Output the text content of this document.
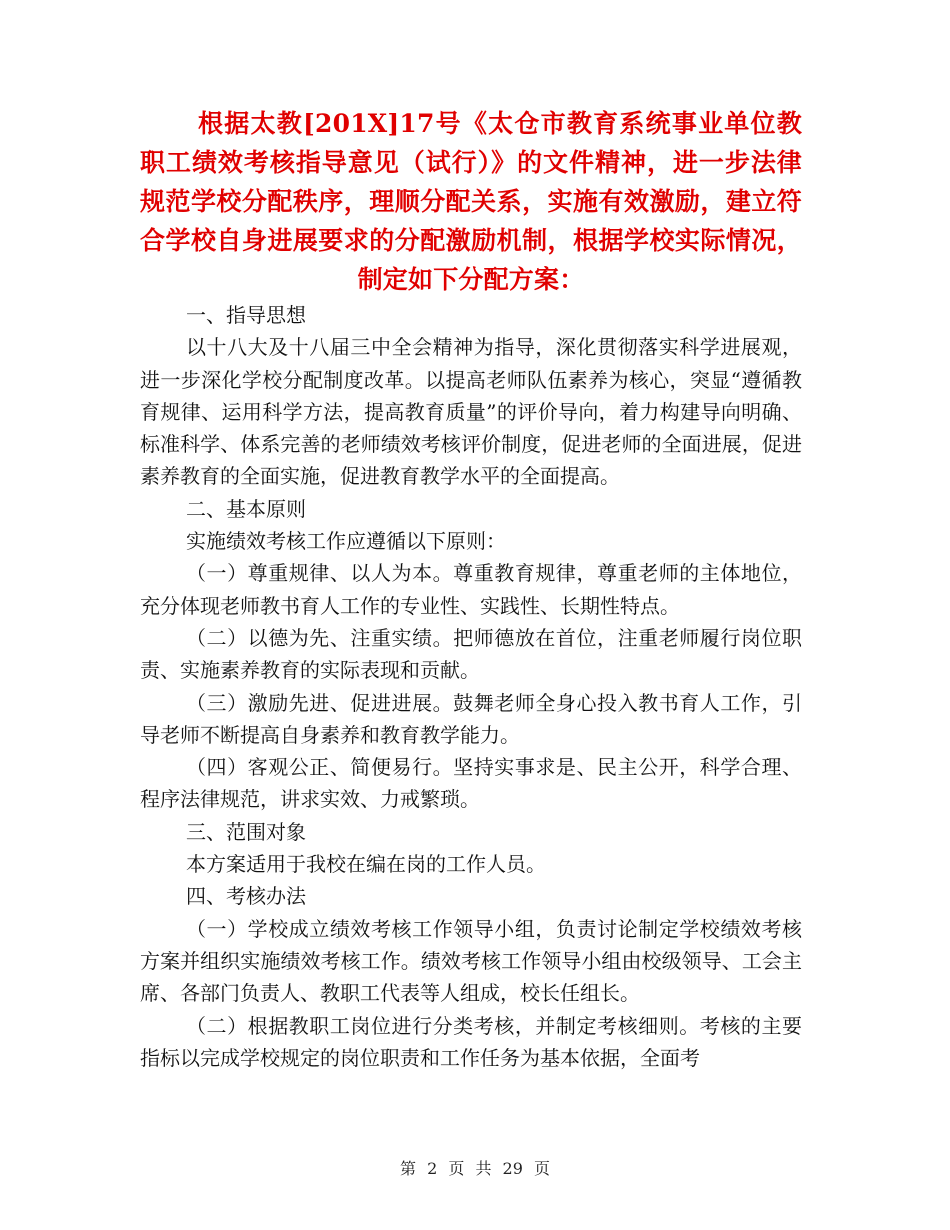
根据太教[201X]17号《太仓市教育系统事业单位教职工绩效考核指导意见（试行）》的文件精神，进一步法律规范学校分配秩序，理顺分配关系，实施有效激励，建立符合学校自身进展要求的分配激励机制，根据学校实际情况，制定如下分配方案：

一、指导思想

以十八大及十八届三中全会精神为指导，深化贯彻落实科学进展观，进一步深化学校分配制度改革。以提高老师队伍素养为核心，突显“遵循教育规律、运用科学方法，提高教育质量”的评价导向，着力构建导向明确、标准科学、体系完善的老师绩效考核评价制度，促进老师的全面进展，促进素养教育的全面实施，促进教育教学水平的全面提高。

二、基本原则

实施绩效考核工作应遵循以下原则：

（一）尊重规律、以人为本。尊重教育规律，尊重老师的主体地位，充分体现老师教书育人工作的专业性、实践性、长期性特点。

（二）以德为先、注重实绩。把师德放在首位，注重老师履行岗位职责、实施素养教育的实际表现和贡献。

（三）激励先进、促进进展。鼓舞老师全身心投入教书育人工作，引导老师不断提高自身素养和教育教学能力。

（四）客观公正、简便易行。坚持实事求是、民主公开，科学合理、程序法律规范，讲求实效、力戒繁琐。

三、范围对象

本方案适用于我校在编在岗的工作人员。

四、考核办法

（一）学校成立绩效考核工作领导小组，负责讨论制定学校绩效考核方案并组织实施绩效考核工作。绩效考核工作领导小组由校级领导、工会主席、各部门负责人、教职工代表等人组成，校长任组长。

（二）根据教职工岗位进行分类考核，并制定考核细则。考核的主要指标以完成学校规定的岗位职责和工作任务为基本依据，全面考

第 2 页 共 29 页
